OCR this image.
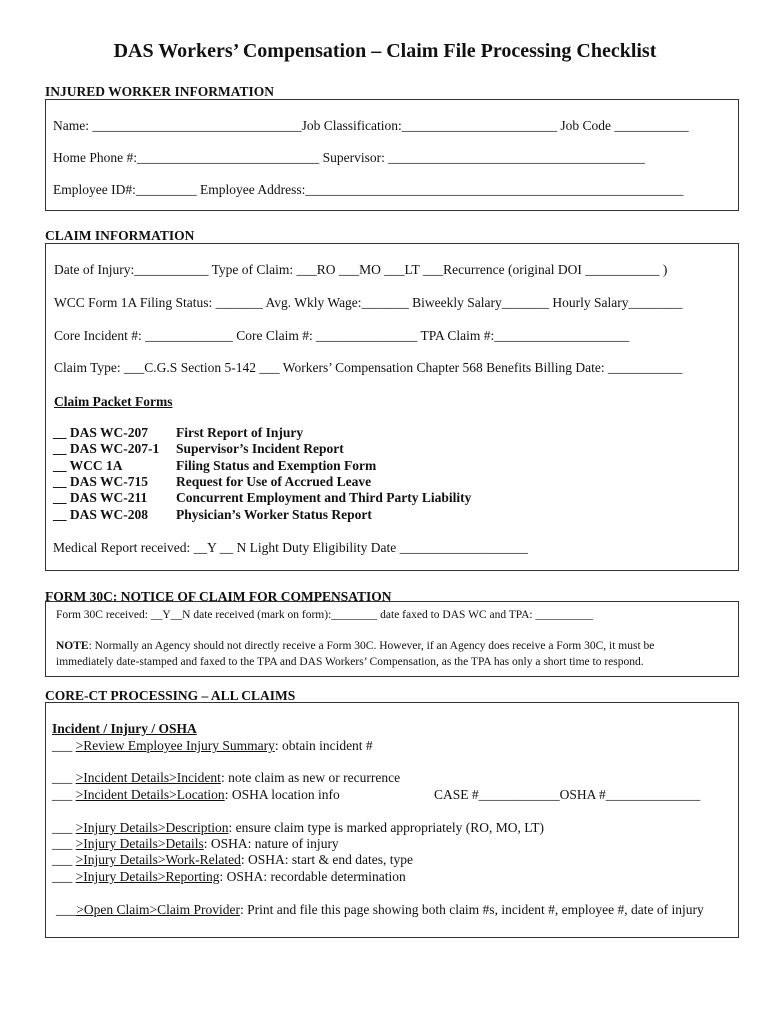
DAS Workers’ Compensation – Claim File Processing Checklist
INJURED WORKER INFORMATION
Name: _______________________________Job Classification:_______________________ Job Code ___________
Home Phone #:___________________________ Supervisor: ______________________________________
Employee ID#:_________ Employee Address:________________________________________________________
CLAIM INFORMATION
Date of Injury:___________ Type of Claim: ___RO ___MO ___LT ___Recurrence (original DOI ___________ )
WCC Form 1A Filing Status: _______ Avg. Wkly Wage:_______ Biweekly Salary_______ Hourly Salary________
Core Incident #: _____________ Core Claim #: _______________ TPA Claim #:____________________
Claim Type: ___C.G.S Section 5-142 ___ Workers’ Compensation Chapter 568 Benefits Billing Date: ___________
Claim Packet Forms
__ DAS WC-207 First Report of Injury
__ DAS WC-207-1 Supervisor’s Incident Report
__ WCC 1A	Filing Status and Exemption Form
__ DAS WC-715 Request for Use of Accrued Leave
__ DAS WC-211 Concurrent Employment and Third Party Liability
__ DAS WC-208 Physician’s Worker Status Report
Medical Report received: __Y __ N Light Duty Eligibility Date ___________________
FORM 30C: NOTICE OF CLAIM FOR COMPENSATION
Form 30C received: __Y__N date received (mark on form):________ date faxed to DAS WC and TPA: __________
NOTE: Normally an Agency should not directly receive a Form 30C. However, if an Agency does receive a Form 30C, it must be
immediately date-stamped and faxed to the TPA and DAS Workers’ Compensation, as the TPA has only a short time to respond.
CORE-CT PROCESSING – ALL CLAIMS
Incident / Injury / OSHA
___ >Review Employee Injury Summary: obtain incident #
___ >Incident Details>Incident: note claim as new or recurrence
___ >Incident Details>Location: OSHA location info	CASE #____________OSHA #______________
___ >Injury Details>Description: ensure claim type is marked appropriately (RO, MO, LT)
___ >Injury Details>Details: OSHA: nature of injury
___ >Injury Details>Work-Related: OSHA: start & end dates, type
___ >Injury Details>Reporting: OSHA: recordable determination
___>Open Claim>Claim Provider: Print and file this page showing both claim #s, incident #, employee #, date of injury
